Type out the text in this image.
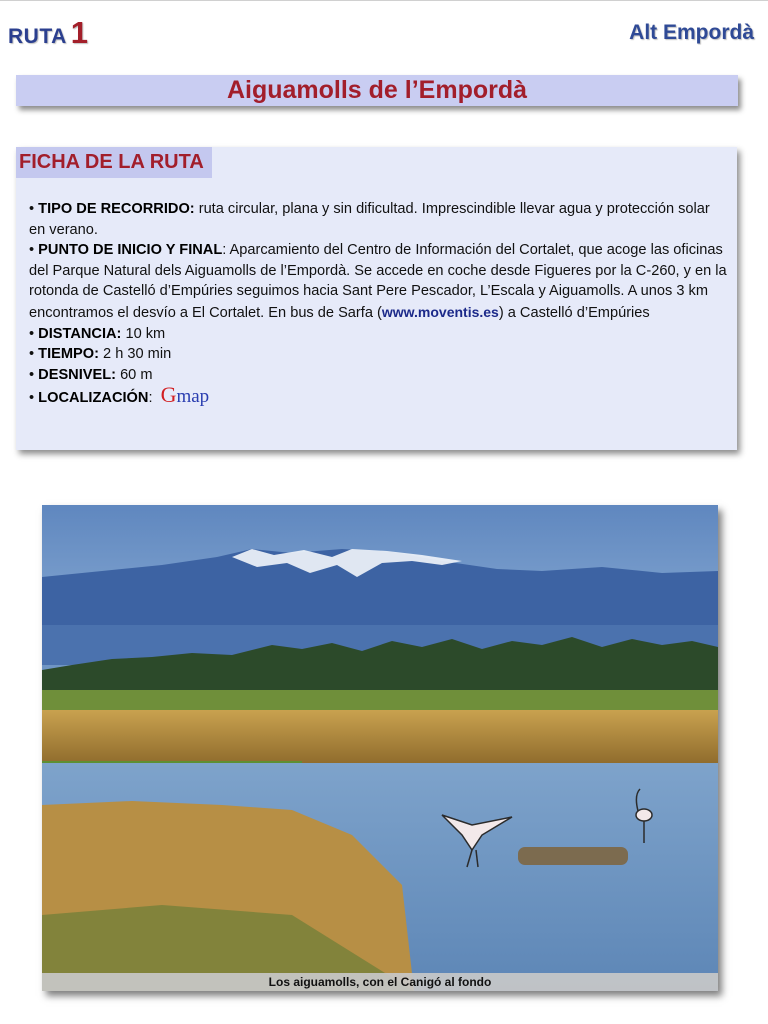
RUTA 1	Alt Empordà
Aiguamolls de l’Empordà
FICHA DE LA RUTA

• TIPO DE RECORRIDO: ruta circular, plana y sin dificultad. Imprescindible llevar agua y protección solar en verano.

• PUNTO DE INICIO Y FINAL: Aparcamiento del Centro de Información del Cortalet, que acoge las oficinas del Parque Natural dels Aiguamolls de l’Empordà. Se accede en coche desde Figueres por la C-260, y en la rotonda de Castelló d’Empúries seguimos hacia Sant Pere Pescador, L’Escala y Aiguamolls. A unos 3 km encontramos el desvío a El Cortalet. En bus de Sarfa (www.moventis.es) a Castelló d’Empúries

• DISTANCIA: 10 km

• TIEMPO: 2 h 30 min

• DESNIVEL: 60 m

• LOCALIZACIÓN: Gmap

Los aiguamolls, con el Canigó al fondo
